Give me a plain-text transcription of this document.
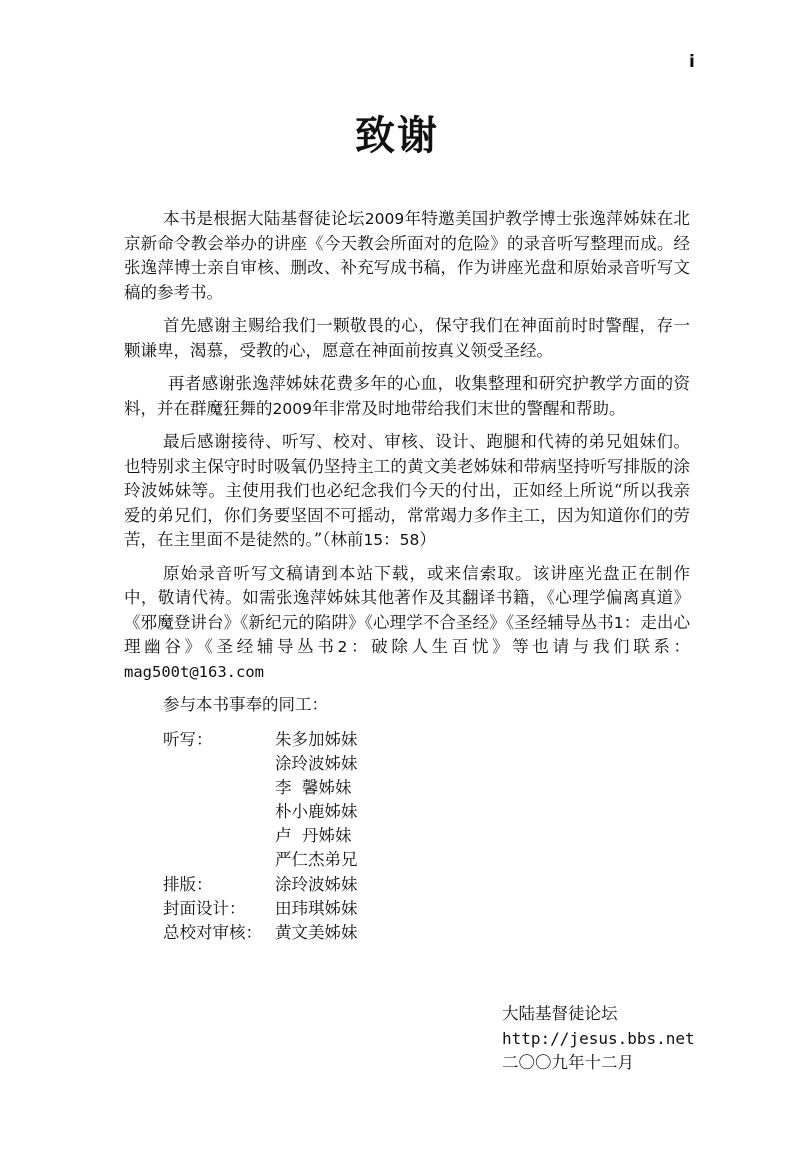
i
致谢

本书是根据大陆基督徒论坛2009年特邀美国护教学博士张逸萍姊妹在北京新命令教会举办的讲座《今天教会所面对的危险》的录音听写整理而成。经张逸萍博士亲自审核、删改、补充写成书稿，作为讲座光盘和原始录音听写文稿的参考书。

首先感谢主赐给我们一颗敬畏的心，保守我们在神面前时时警醒，存一颗谦卑，渴慕，受教的心，愿意在神面前按真义领受圣经。

再者感谢张逸萍姊妹花费多年的心血，收集整理和研究护教学方面的资料，并在群魔狂舞的2009年非常及时地带给我们末世的警醒和帮助。

最后感谢接待、听写、校对、审核、设计、跑腿和代祷的弟兄姐妹们。也特别求主保守时时吸氧仍坚持主工的黄文美老姊妹和带病坚持听写排版的涂玲波姊妹等。主使用我们也必纪念我们今天的付出，正如经上所说“所以我亲爱的弟兄们，你们务要坚固不可摇动，常常竭力多作主工，因为知道你们的劳苦，在主里面不是徒然的。”（林前15：58）

原始录音听写文稿请到本站下载，或来信索取。该讲座光盘正在制作中，敬请代祷。如需张逸萍姊妹其他著作及其翻译书籍，《心理学偏离真道》《邪魔登讲台》《新纪元的陷阱》《心理学不合圣经》《圣经辅导丛书1：走出心理幽谷》《圣经辅导丛书2：破除人生百忧》等也请与我们联系：mag500t@163.com

参与本书事奉的同工：
听写：	朱多加姊妹
涂玲波姊妹
李  馨姊妹
朴小鹿姊妹
卢  丹姊妹
严仁杰弟兄
排版：	涂玲波姊妹
封面设计：	田玮琪姊妹
总校对审核： 黄文美姊妹
大陆基督徒论坛
http://jesus.bbs.net
二〇〇九年十二月
